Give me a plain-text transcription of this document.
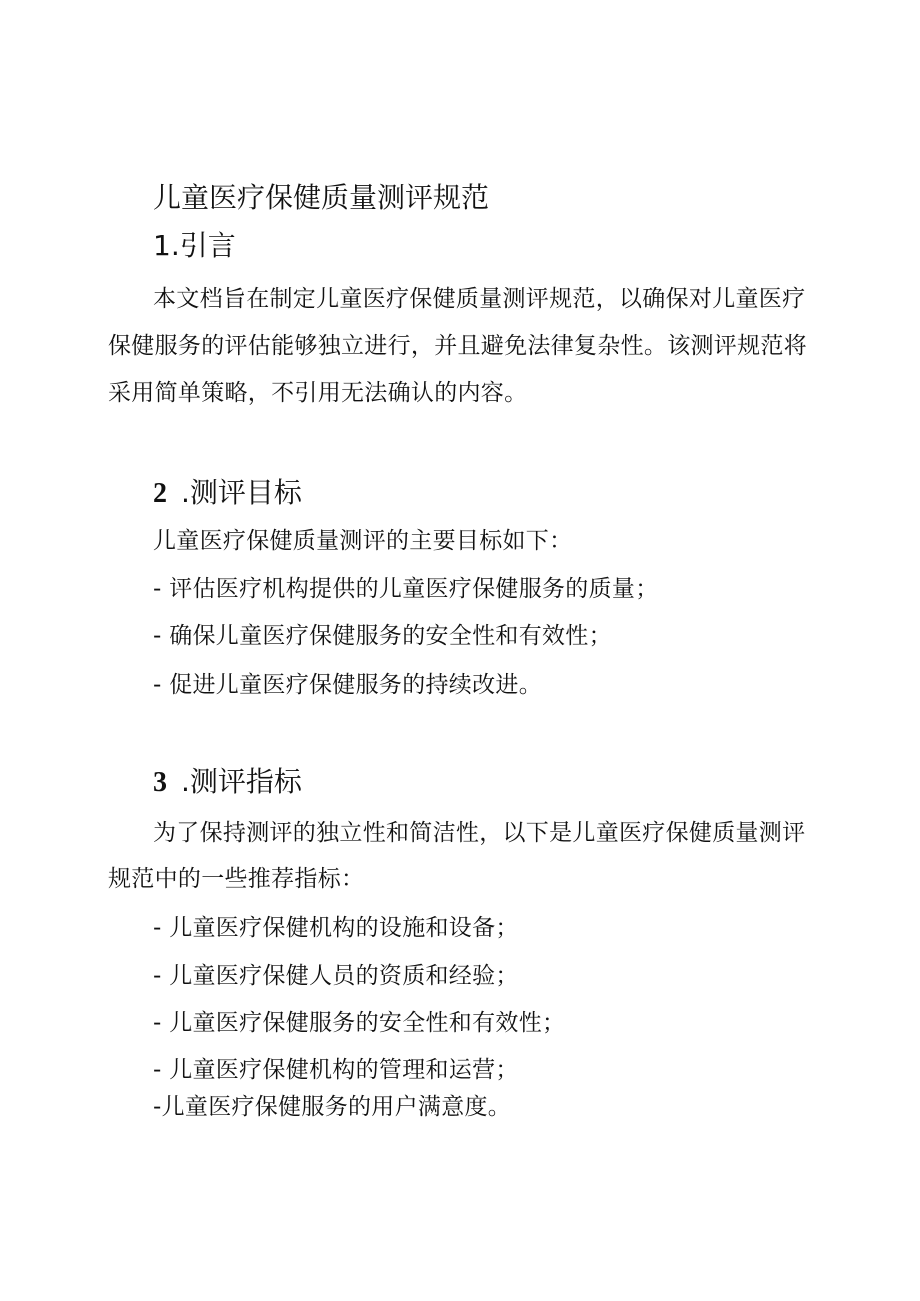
儿童医疗保健质量测评规范
1.引言

本文档旨在制定儿童医疗保健质量测评规范，以确保对儿童医疗

保健服务的评估能够独立进行，并且避免法律复杂性。该测评规范将

采用简单策略，不引用无法确认的内容。

2 .测评目标

儿童医疗保健质量测评的主要目标如下：

- 评估医疗机构提供的儿童医疗保健服务的质量；

- 确保儿童医疗保健服务的安全性和有效性；

- 促进儿童医疗保健服务的持续改进。

3 .测评指标

为了保持测评的独立性和简洁性，以下是儿童医疗保健质量测评

规范中的一些推荐指标：

- 儿童医疗保健机构的设施和设备；

- 儿童医疗保健人员的资质和经验；

- 儿童医疗保健服务的安全性和有效性；

- 儿童医疗保健机构的管理和运营；

-儿童医疗保健服务的用户满意度。
